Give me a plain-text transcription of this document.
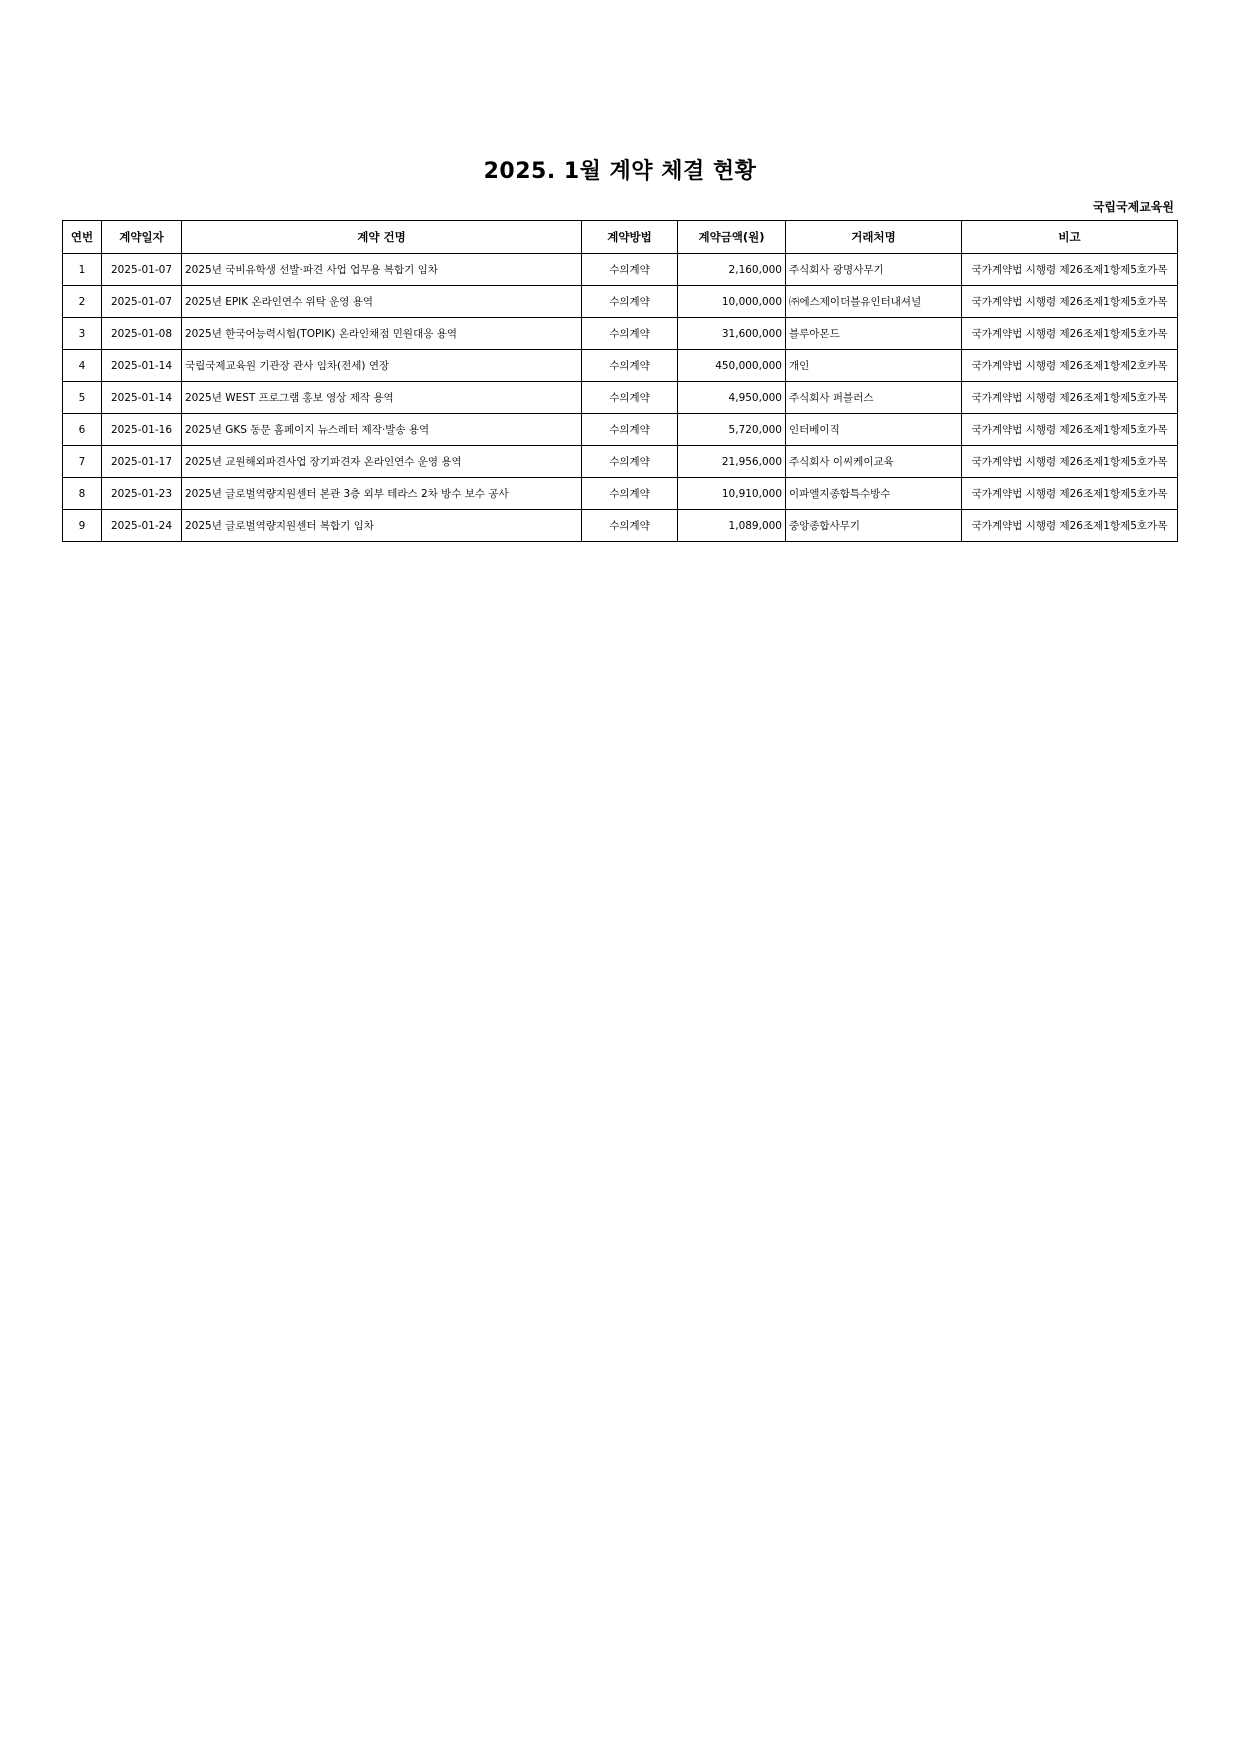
2025. 1월 계약 체결 현황
국립국제교육원
연번	계약일자	계약 건명	계약방법	계약금액(원)	거래처명	비고
1	2025-01-07	2025년 국비유학생 선발·파견 사업 업무용 복합기 임차	수의계약	2,160,000	주식회사 광명사무기	국가계약법 시행령 제26조제1항제5호가목
2	2025-01-07	2025년 EPIK 온라인연수 위탁 운영 용역	수의계약	10,000,000	㈜에스제이더블유인터내셔널	국가계약법 시행령 제26조제1항제5호가목
3	2025-01-08	2025년 한국어능력시험(TOPIK) 온라인채점 민원대응 용역	수의계약	31,600,000	블루아몬드	국가계약법 시행령 제26조제1항제5호가목
4	2025-01-14	국립국제교육원 기관장 관사 임차(전세) 연장	수의계약	450,000,000	개인	국가계약법 시행령 제26조제1항제2호카목
5	2025-01-14	2025년 WEST 프로그램 홍보 영상 제작 용역	수의계약	4,950,000	주식회사 퍼블러스	국가계약법 시행령 제26조제1항제5호가목
6	2025-01-16	2025년 GKS 동문 홈페이지 뉴스레터 제작·발송 용역	수의계약	5,720,000	인터베이직	국가계약법 시행령 제26조제1항제5호가목
7	2025-01-17	2025년 교원해외파견사업 장기파견자 온라인연수 운영 용역	수의계약	21,956,000	주식회사 이씨케이교육	국가계약법 시행령 제26조제1항제5호가목
8	2025-01-23	2025년 글로벌역량지원센터 본관 3층 외부 테라스 2차 방수 보수 공사	수의계약	10,910,000	이파엘지종합특수방수	국가계약법 시행령 제26조제1항제5호가목
9	2025-01-24	2025년 글로벌역량지원센터 복합기 임차	수의계약	1,089,000	중앙종합사무기	국가계약법 시행령 제26조제1항제5호가목
